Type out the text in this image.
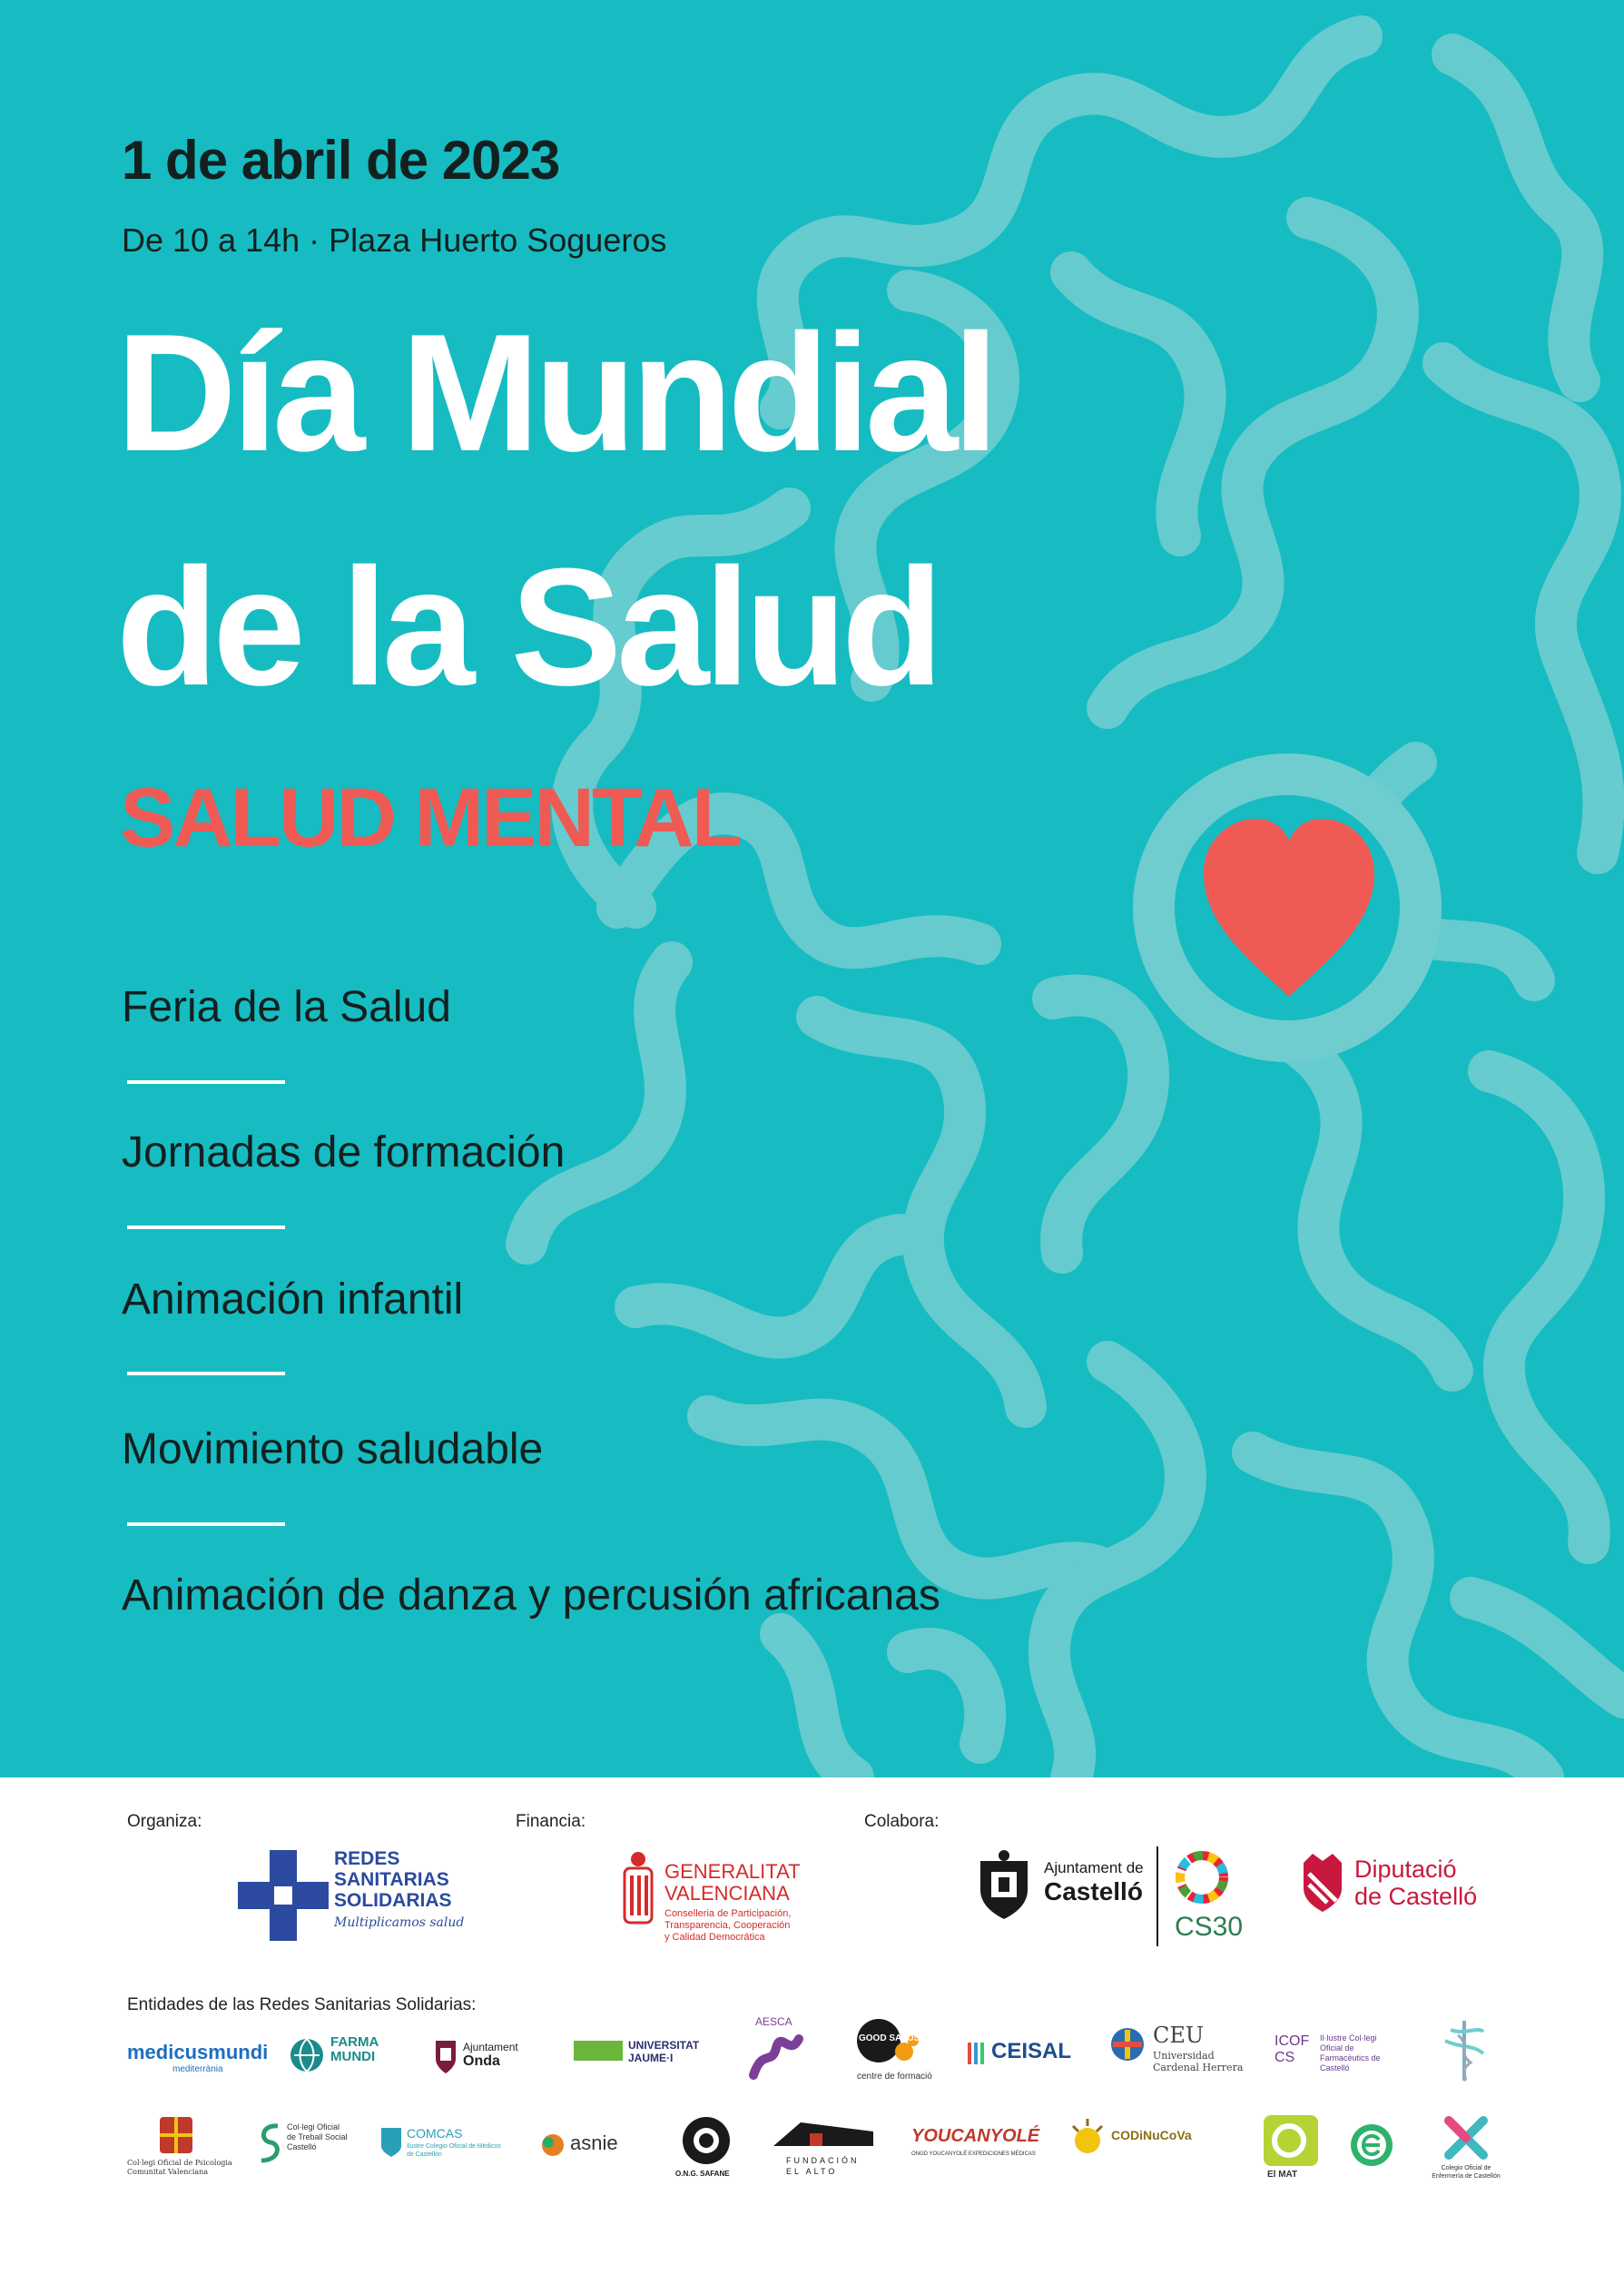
1 de abril de 2023

De 10 a 14h · Plaza Huerto Sogueros

Día Mundial
de la Salud
SALUD MENTAL

Feria de la Salud

Jornadas de formación

Animación infantil

Movimiento saludable

Animación de danza y percusión africanas

Organiza:	Financia:	Colabora:
REDES
SANITARIAS
SOLIDARIAS
Multiplicamos salud
GENERALITAT
VALENCIANA
Conselleria de Participación,
Transparencia, Cooperación
y Calidad Democrática
Ajuntament de
Castelló
CS30
Diputació
de Castelló
Entidades de las Redes Sanitarias Solidarias:
medicusmundi
mediterrània
FARMA
MUNDI
Ajuntament
Onda
UNIVERSITAT
JAUME·I
AESCA
GOOD SALUS
centre de formació
CEISAL
CEU
Universidad
Cardenal Herrera
ICOF CS
Il·lustre Col·legi Oficial de Farmacèutics de Castelló
Col·legi Oficial de Psicologia
Comunitat Valenciana
Col·legi Oficial
de Treball Social
Castelló
COMCAS
Ilustre Colegio Oficial de Médicos de Castellón
asnie
O.N.G. SAFANE
FUNDACIÓN
EL ALTO
YOUCANYOLÉ
ONGD YOUCANYOLÉ EXPEDICIONES MÉDICAS
CODiNuCoVa
El MAT
Colegio Oficial de Enfermería de Castellón
